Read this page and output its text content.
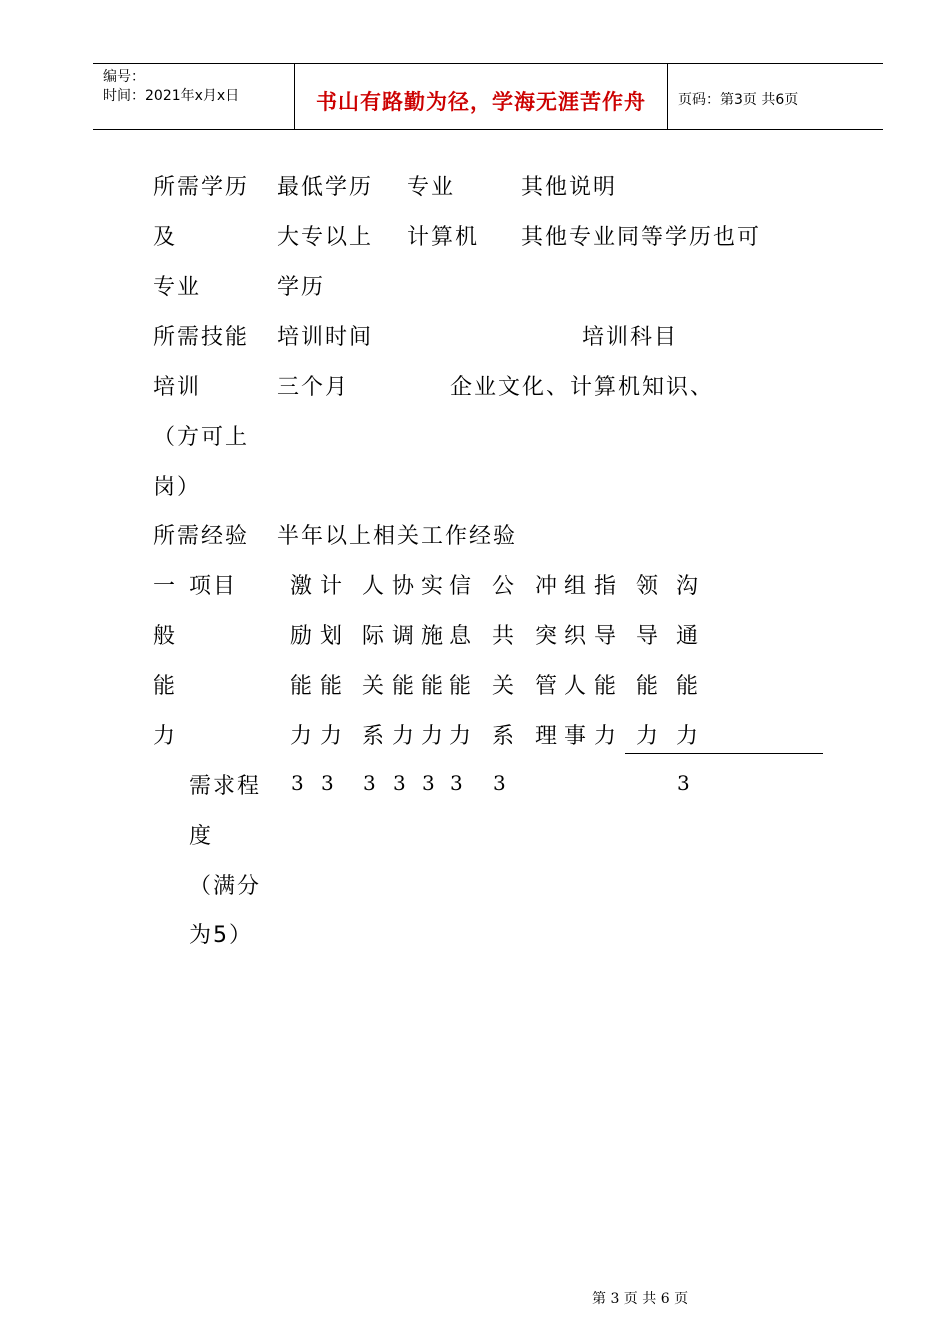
编号：
时间：2021年x月x日	书山有路勤为径，学海无涯苦作舟 页码：第3页 共6页
所需学历
及
专业
最低学历
大专以上
学历
专业
计算机
其他说明
其他专业同等学历也可
所需技能
培训
（方可上
岗）
培训时间
三个月
培训科目
企业文化、计算机知识、
所需经验 半年以上相关工作经验
一
般
能
力
项目 激
励
能
力
计
划
能
力
人
际
关
系
协
调
能
力
实
施
能
力
信
息
能
力
公
共
关
系
冲
突
管
理
组
织
人
事
指
导
能
力
领
导
能
力
沟
通
能
力
需求程
度
（满分
为5）
3 3 3 3 3 3 3	3
第 3 页 共 6 页
